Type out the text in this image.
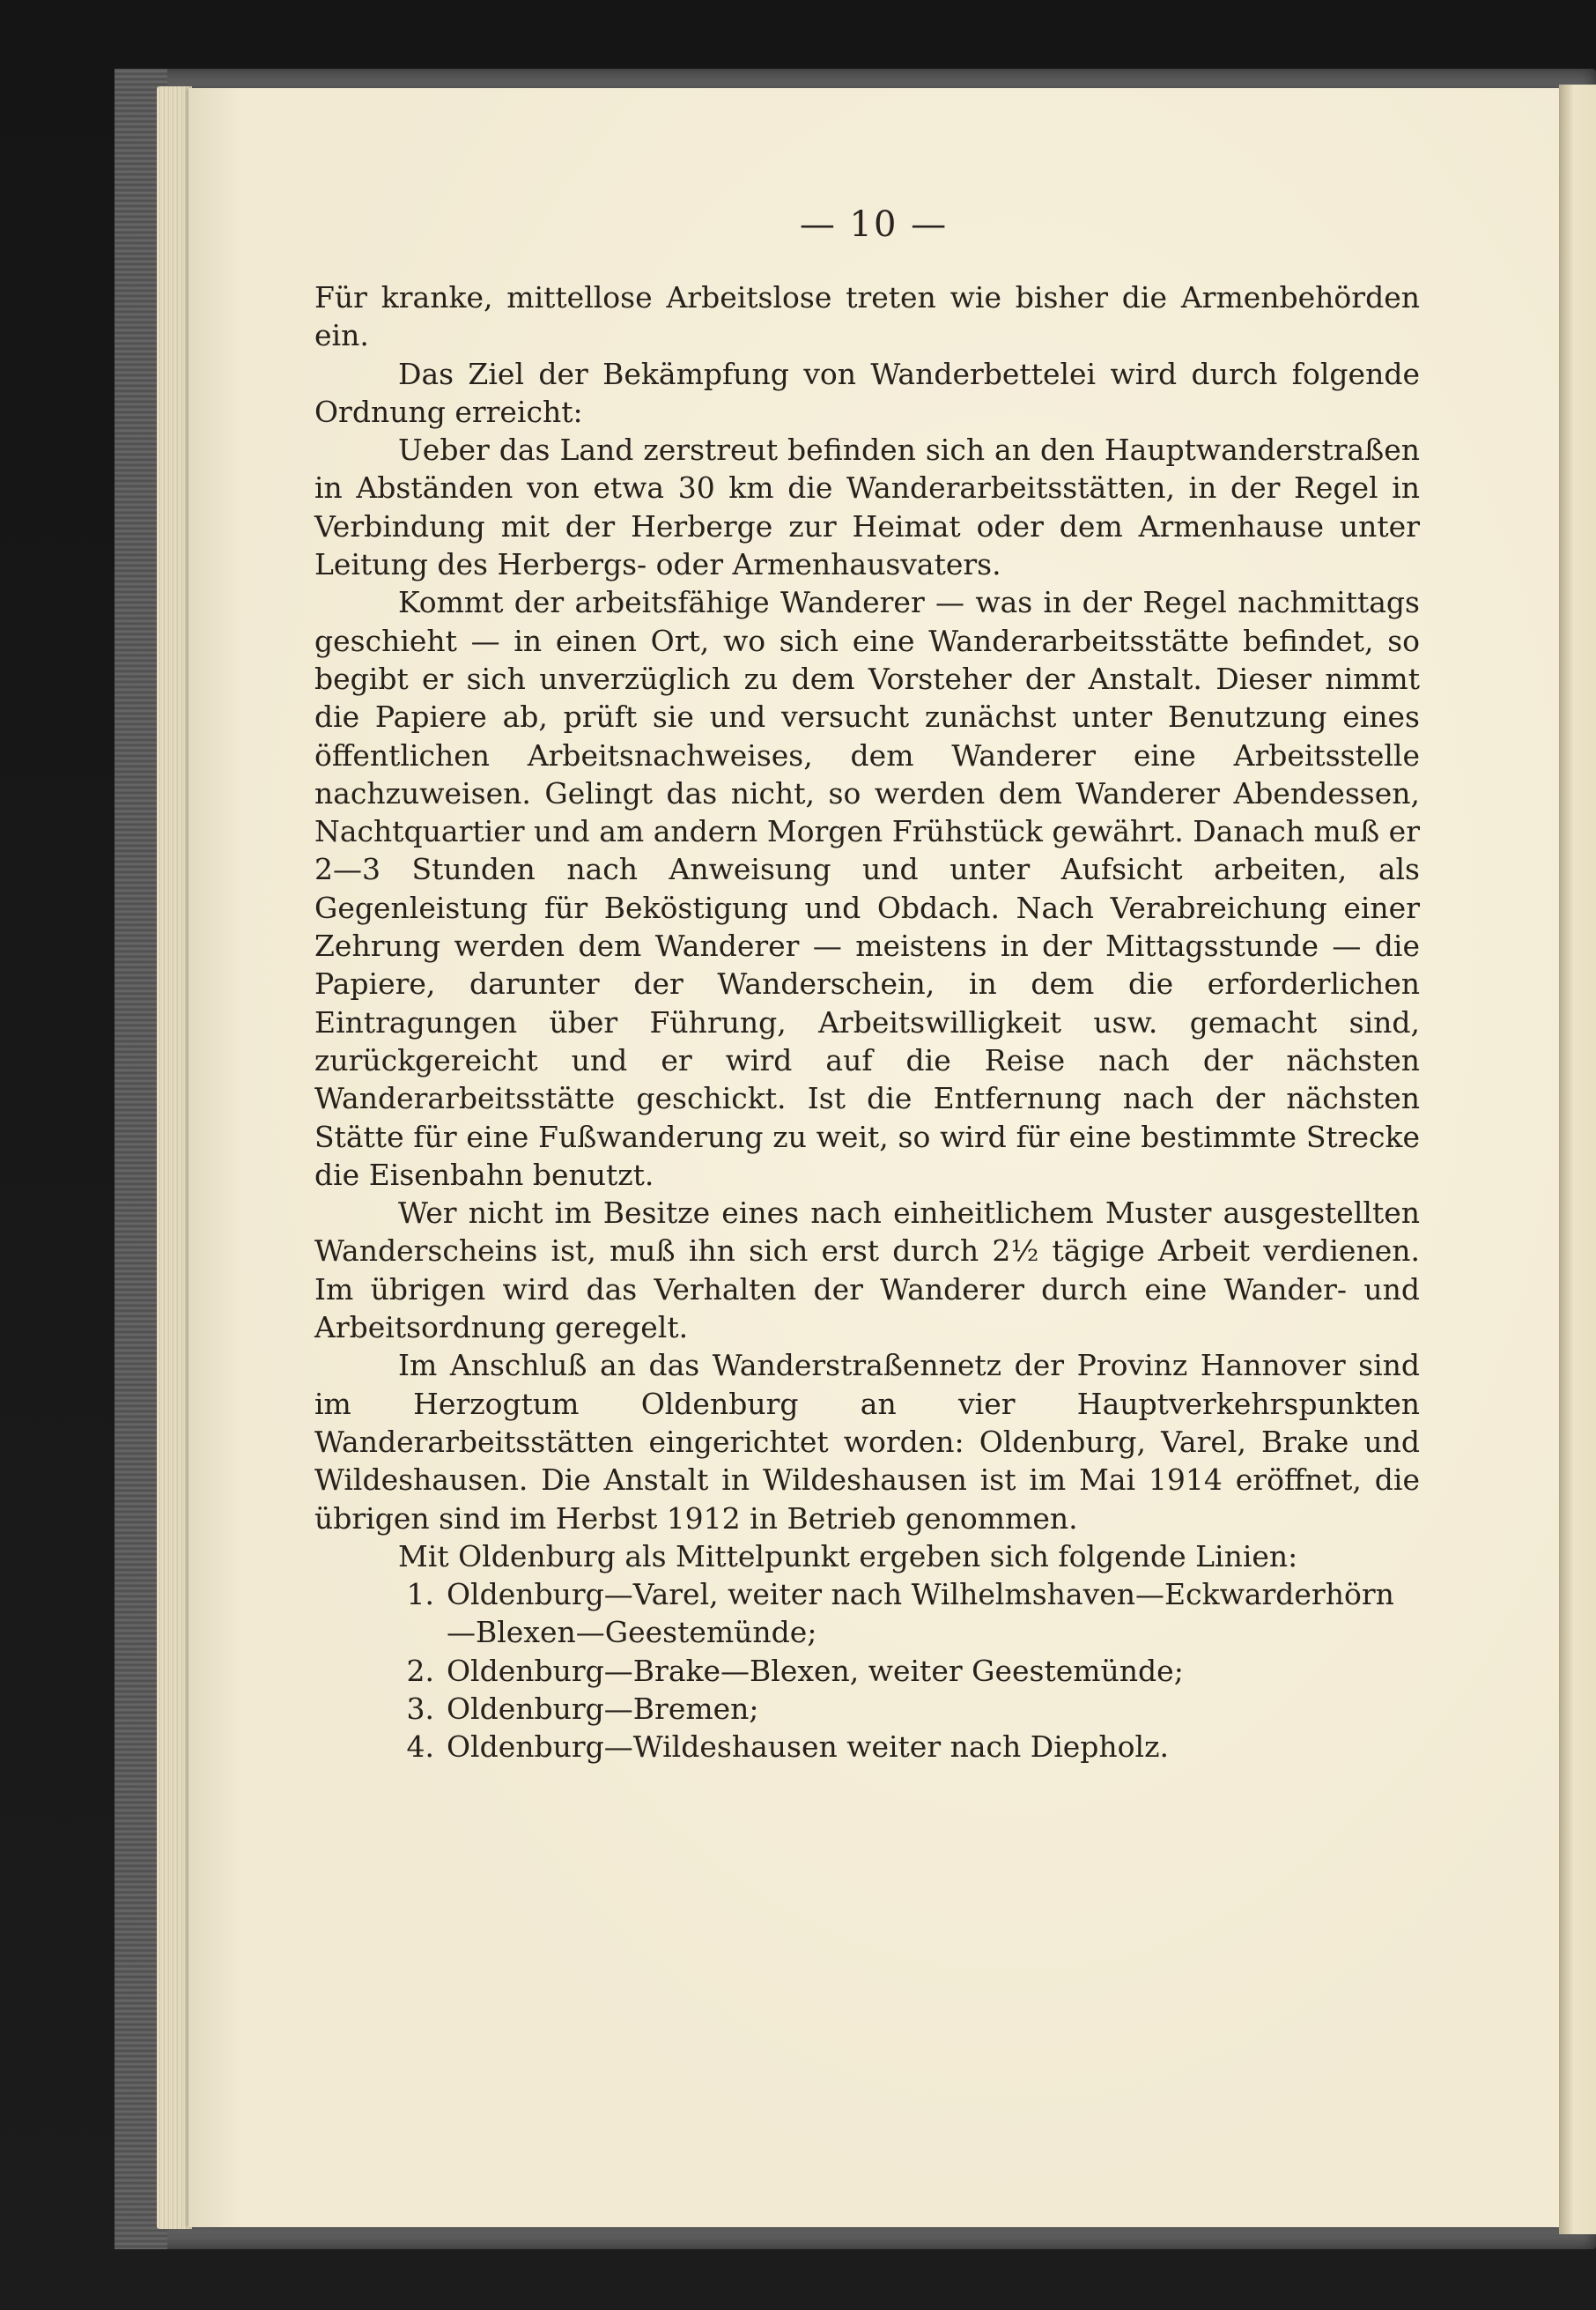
— 10 —

Für kranke, mittellose Arbeitslose treten wie bisher die Armenbehörden ein.

Das Ziel der Bekämpfung von Wanderbettelei wird durch folgende Ordnung erreicht:

Ueber das Land zerstreut befinden sich an den Hauptwanderstraßen in Abständen von etwa 30 km die Wanderarbeitsstätten, in der Regel in Verbindung mit der Herberge zur Heimat oder dem Armenhause unter Leitung des Herbergs- oder Armenhausvaters.

Kommt der arbeitsfähige Wanderer — was in der Regel nachmittags geschieht — in einen Ort, wo sich eine Wanderarbeitsstätte befindet, so begibt er sich unverzüglich zu dem Vorsteher der Anstalt. Dieser nimmt die Papiere ab, prüft sie und versucht zunächst unter Benutzung eines öffentlichen Arbeitsnachweises, dem Wanderer eine Arbeitsstelle nachzuweisen. Gelingt das nicht, so werden dem Wanderer Abendessen, Nachtquartier und am andern Morgen Frühstück gewährt. Danach muß er 2—3 Stunden nach Anweisung und unter Aufsicht arbeiten, als Gegenleistung für Beköstigung und Obdach. Nach Verabreichung einer Zehrung werden dem Wanderer — meistens in der Mittagsstunde — die Papiere, darunter der Wanderschein, in dem die erforderlichen Eintragungen über Führung, Arbeitswilligkeit usw. gemacht sind, zurückgereicht und er wird auf die Reise nach der nächsten Wanderarbeitsstätte geschickt. Ist die Entfernung nach der nächsten Stätte für eine Fußwanderung zu weit, so wird für eine bestimmte Strecke die Eisenbahn benutzt.

Wer nicht im Besitze eines nach einheitlichem Muster ausgestellten Wanderscheins ist, muß ihn sich erst durch 2½ tägige Arbeit verdienen. Im übrigen wird das Verhalten der Wanderer durch eine Wander- und Arbeitsordnung geregelt.

Im Anschluß an das Wanderstraßennetz der Provinz Hannover sind im Herzogtum Oldenburg an vier Hauptverkehrspunkten Wanderarbeitsstätten eingerichtet worden: Oldenburg, Varel, Brake und Wildeshausen. Die Anstalt in Wildeshausen ist im Mai 1914 eröffnet, die übrigen sind im Herbst 1912 in Betrieb genommen.

Mit Oldenburg als Mittelpunkt ergeben sich folgende Linien:

1. Oldenburg—Varel, weiter nach Wilhelmshaven—Eckwarderhörn—Blexen—Geestemünde;
2. Oldenburg—Brake—Blexen, weiter Geestemünde;
3. Oldenburg—Bremen;
4. Oldenburg—Wildeshausen weiter nach Diepholz.
